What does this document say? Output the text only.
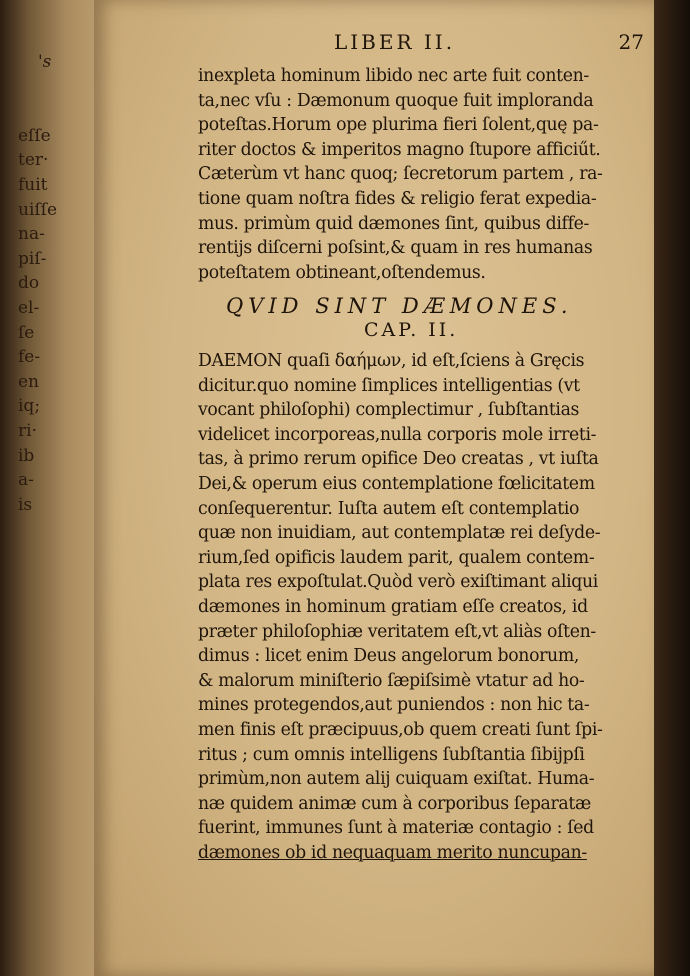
's
eſſe
ter·
fuit
uiſſe
na-
piſ-
do
el-
ſe
fe-
en
iq;
ri·
ib
a-
is
LIBER II.	27
inexpleta hominum libido nec arte fuit conten-
ta,nec vſu : Dæmonum quoque fuit imploranda
poteſtas.Horum ope plurima fieri ſolent,quę pa-
riter doctos & imperitos magno ſtupore afficiűt.
Cæterùm vt hanc quoq; ſecretorum partem , ra-
tione quam noſtra fides & religio ferat expedia-
mus. primùm quid dæmones ſint, quibus diffe-
rentijs diſcerni poſsint,& quam in res humanas
poteſtatem obtineant,oſtendemus.
QVID SINT DÆMONES.
CAP. II.
DAEMON quaſi δαήμων, id eſt,ſciens à Gręcis
dicitur.quo nomine ſimplices intelligentias (vt
vocant philoſophi) complectimur , ſubſtantias
videlicet incorporeas,nulla corporis mole irreti-
tas, à primo rerum opifice Deo creatas , vt iuſta
Dei,& operum eius contemplatione fœlicitatem
conſequerentur. Iuſta autem eſt contemplatio
quæ non inuidiam, aut contemplatæ rei deſyde-
rium,ſed opificis laudem parit, qualem contem-
plata res expoſtulat.Quòd verò exiſtimant aliqui
dæmones in hominum gratiam eſſe creatos, id
præter philoſophiæ veritatem eſt,vt aliàs oſten-
dimus : licet enim Deus angelorum bonorum,
& malorum miniſterio ſæpiſsimè vtatur ad ho-
mines protegendos,aut puniendos : non hic ta-
men finis eſt præcipuus,ob quem creati ſunt ſpi-
ritus ; cum omnis intelligens ſubſtantia ſibijpſi
primùm,non autem alij cuiquam exiſtat. Huma-
næ quidem animæ cum à corporibus ſeparatæ
fuerint, immunes ſunt à materiæ contagio : ſed
dæmones ob id nequaquam merito nuncupan-
